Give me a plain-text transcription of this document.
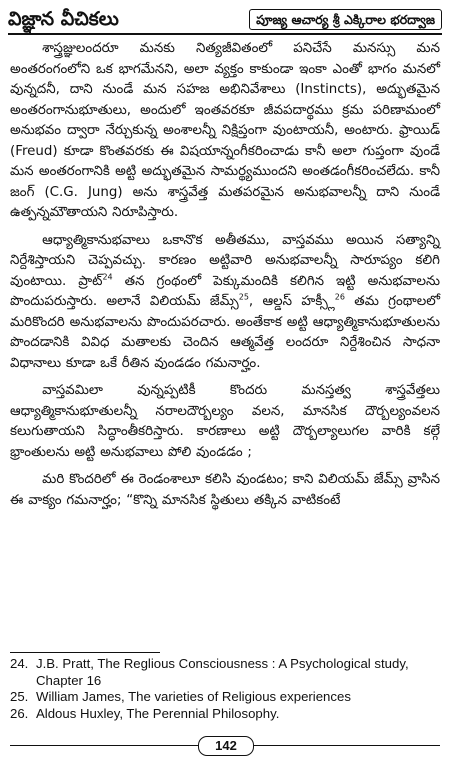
విజ్ఞాన వీచికలు	పూజ్య ఆచార్య శ్రీ ఎక్కిరాల భరద్వాజ

శాస్త్రజ్ఞులందరూ మనకు నిత్యజీవితంలో పనిచేసే మనస్సు మన అంతరంగంలోని ఒక భాగమేనని, అలా వ్యక్తం కాకుండా ఇంకా ఎంతో భాగం మనలో వున్నదనీ, దాని నుండే మన సహజ అభినివేశాలు (Instincts), అద్భుతమైన అంతరంగానుభూతులు, అందులో ఇంతవరకూ జీవపదార్థము క్రమ పరిణామంలో అనుభవం ద్వారా నేర్చుకున్న అంశాలన్నీ నిక్షిప్తంగా వుంటాయనీ, అంటారు. ఫ్రాయిడ్ (Freud) కూడా కొంతవరకు ఈ విషయాన్నంగీకరించాడు కానీ అలా గుప్తంగా వుండే మన అంతరంగానికి అట్టి అద్భుతమైన సామర్థ్యముందని అంతడంగీకరించలేదు. కానీ జంగ్ (C.G. Jung) అను శాస్త్రవేత్త మతపరమైన అనుభవాలన్నీ దాని నుండే ఉత్పన్నమౌతాయని నిరూపిస్తారు.

ఆధ్యాత్మికానుభవాలు ఒకానొక అతీతము, వాస్తవము అయిన సత్యాన్ని నిర్దేశిస్తాయని చెప్పవచ్చు. కారణం అట్టివారి అనుభవాలన్నీ సారూప్యం కలిగి వుంటాయి. ప్రాట్$^{24}$ తన గ్రంథంలో పెక్కుమందికి కలిగిన ఇట్టి అనుభవాలను పొందుపరుస్తారు. అలానే విలియమ్ జేమ్స్$^{25}$, ఆల్డస్ హక్స్లీ$^{26}$ తమ గ్రంథాలలో మరికొందరి అనుభవాలను పొందుపరచారు. అంతేకాక అట్టి ఆధ్యాత్మికానుభూతులను పొందడానికి వివిధ మతాలకు చెందిన ఆత్మవేత్త లందరూ నిర్దేశించిన సాధనా విధానాలు కూడా ఒకే రీతిన వుండడం గమనార్హం.

వాస్తవమిలా వున్నప్పటికీ కొందరు మనస్తత్వ శాస్త్రవేత్తలు ఆధ్యాత్మికానుభూతులన్నీ నరాలదౌర్బల్యం వలన, మానసిక దౌర్బల్యంవలన కలుగుతాయని సిద్ధాంతీకరిస్తారు. కారణాలు అట్టి దౌర్బల్యాలుగల వారికి కల్గే భ్రాంతులను అట్టి అనుభవాలు పోలి వుండడం ;

మరి కొందరిలో ఈ రెండంశాలూ కలిసి వుండటం; కాని విలియమ్ జేమ్స్ వ్రాసిన ఈ వాక్యం గమనార్హం; “కొన్ని మానసిక స్థితులు తక్కిన వాటికంటే

24. J.B. Pratt, The Reglious Consciousness : A Psychological study, Chapter 16
25. William James, The varieties of Religious experiences
26. Aldous Huxley, The Perennial Philosophy.
142
